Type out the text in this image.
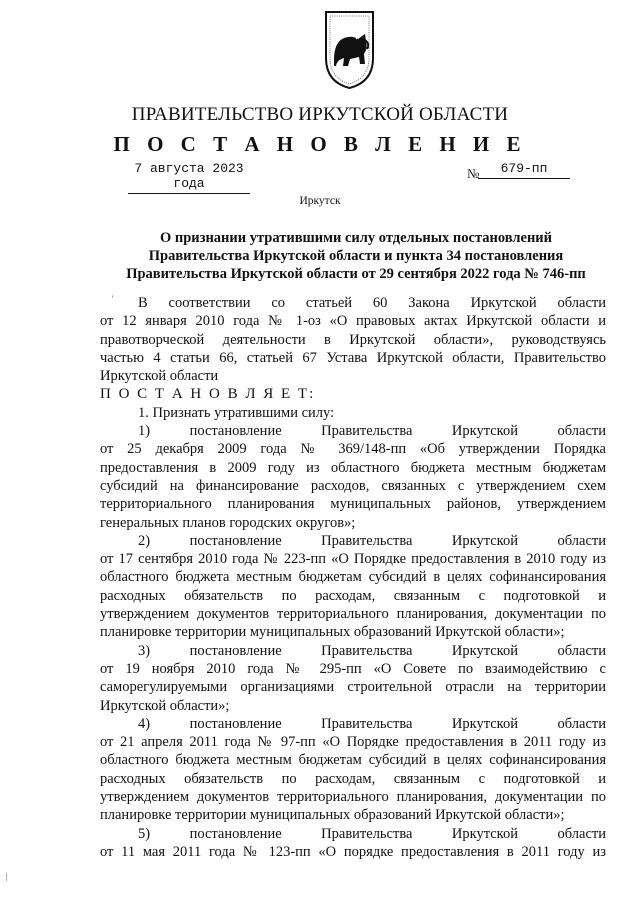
ПРАВИТЕЛЬСТВО ИРКУТСКОЙ ОБЛАСТИ
П О С Т А Н О В Л Е Н И Е
7 августа 2023 года
№	679-пп
Иркутск
О признании утратившими силу отдельных постановлений
Правительства Иркутской области и пункта 34 постановления
Правительства Иркутской области от 29 сентября 2022 года № 746-пп
'
|

В соответствии со статьей 60 Закона Иркутской области

от 12 января 2010 года № 1-оз «О правовых актах Иркутской области и

правотворческой деятельности в Иркутской области», руководствуясь

частью 4 статьи 66, статьей 67 Устава Иркутской области, Правительство

Иркутской области

П О С Т А Н О В Л Я Е Т:

1. Признать утратившими силу:

1) постановление Правительства Иркутской области

от 25 декабря 2009 года № 369/148-пп «Об утверждении Порядка

предоставления в 2009 году из областного бюджета местным бюджетам

субсидий на финансирование расходов, связанных с утверждением схем

территориального планирования муниципальных районов, утверждением

генеральных планов городских округов»;

2) постановление Правительства Иркутской области

от 17 сентября 2010 года № 223-пп «О Порядке предоставления в 2010 году из

областного бюджета местным бюджетам субсидий в целях софинансирования

расходных обязательств по расходам, связанным с подготовкой и

утверждением документов территориального планирования, документации по

планировке территории муниципальных образований Иркутской области»;

3) постановление Правительства Иркутской области

от 19 ноября 2010 года № 295-пп «О Совете по взаимодействию с

саморегулируемыми организациями строительной отрасли на территории

Иркутской области»;

4) постановление Правительства Иркутской области

от 21 апреля 2011 года № 97-пп «О Порядке предоставления в 2011 году из

областного бюджета местным бюджетам субсидий в целях софинансирования

расходных обязательств по расходам, связанным с подготовкой и

утверждением документов территориального планирования, документации по

планировке территории муниципальных образований Иркутской области»;

5) постановление Правительства Иркутской области

от 11 мая 2011 года № 123-пп «О порядке предоставления в 2011 году из
